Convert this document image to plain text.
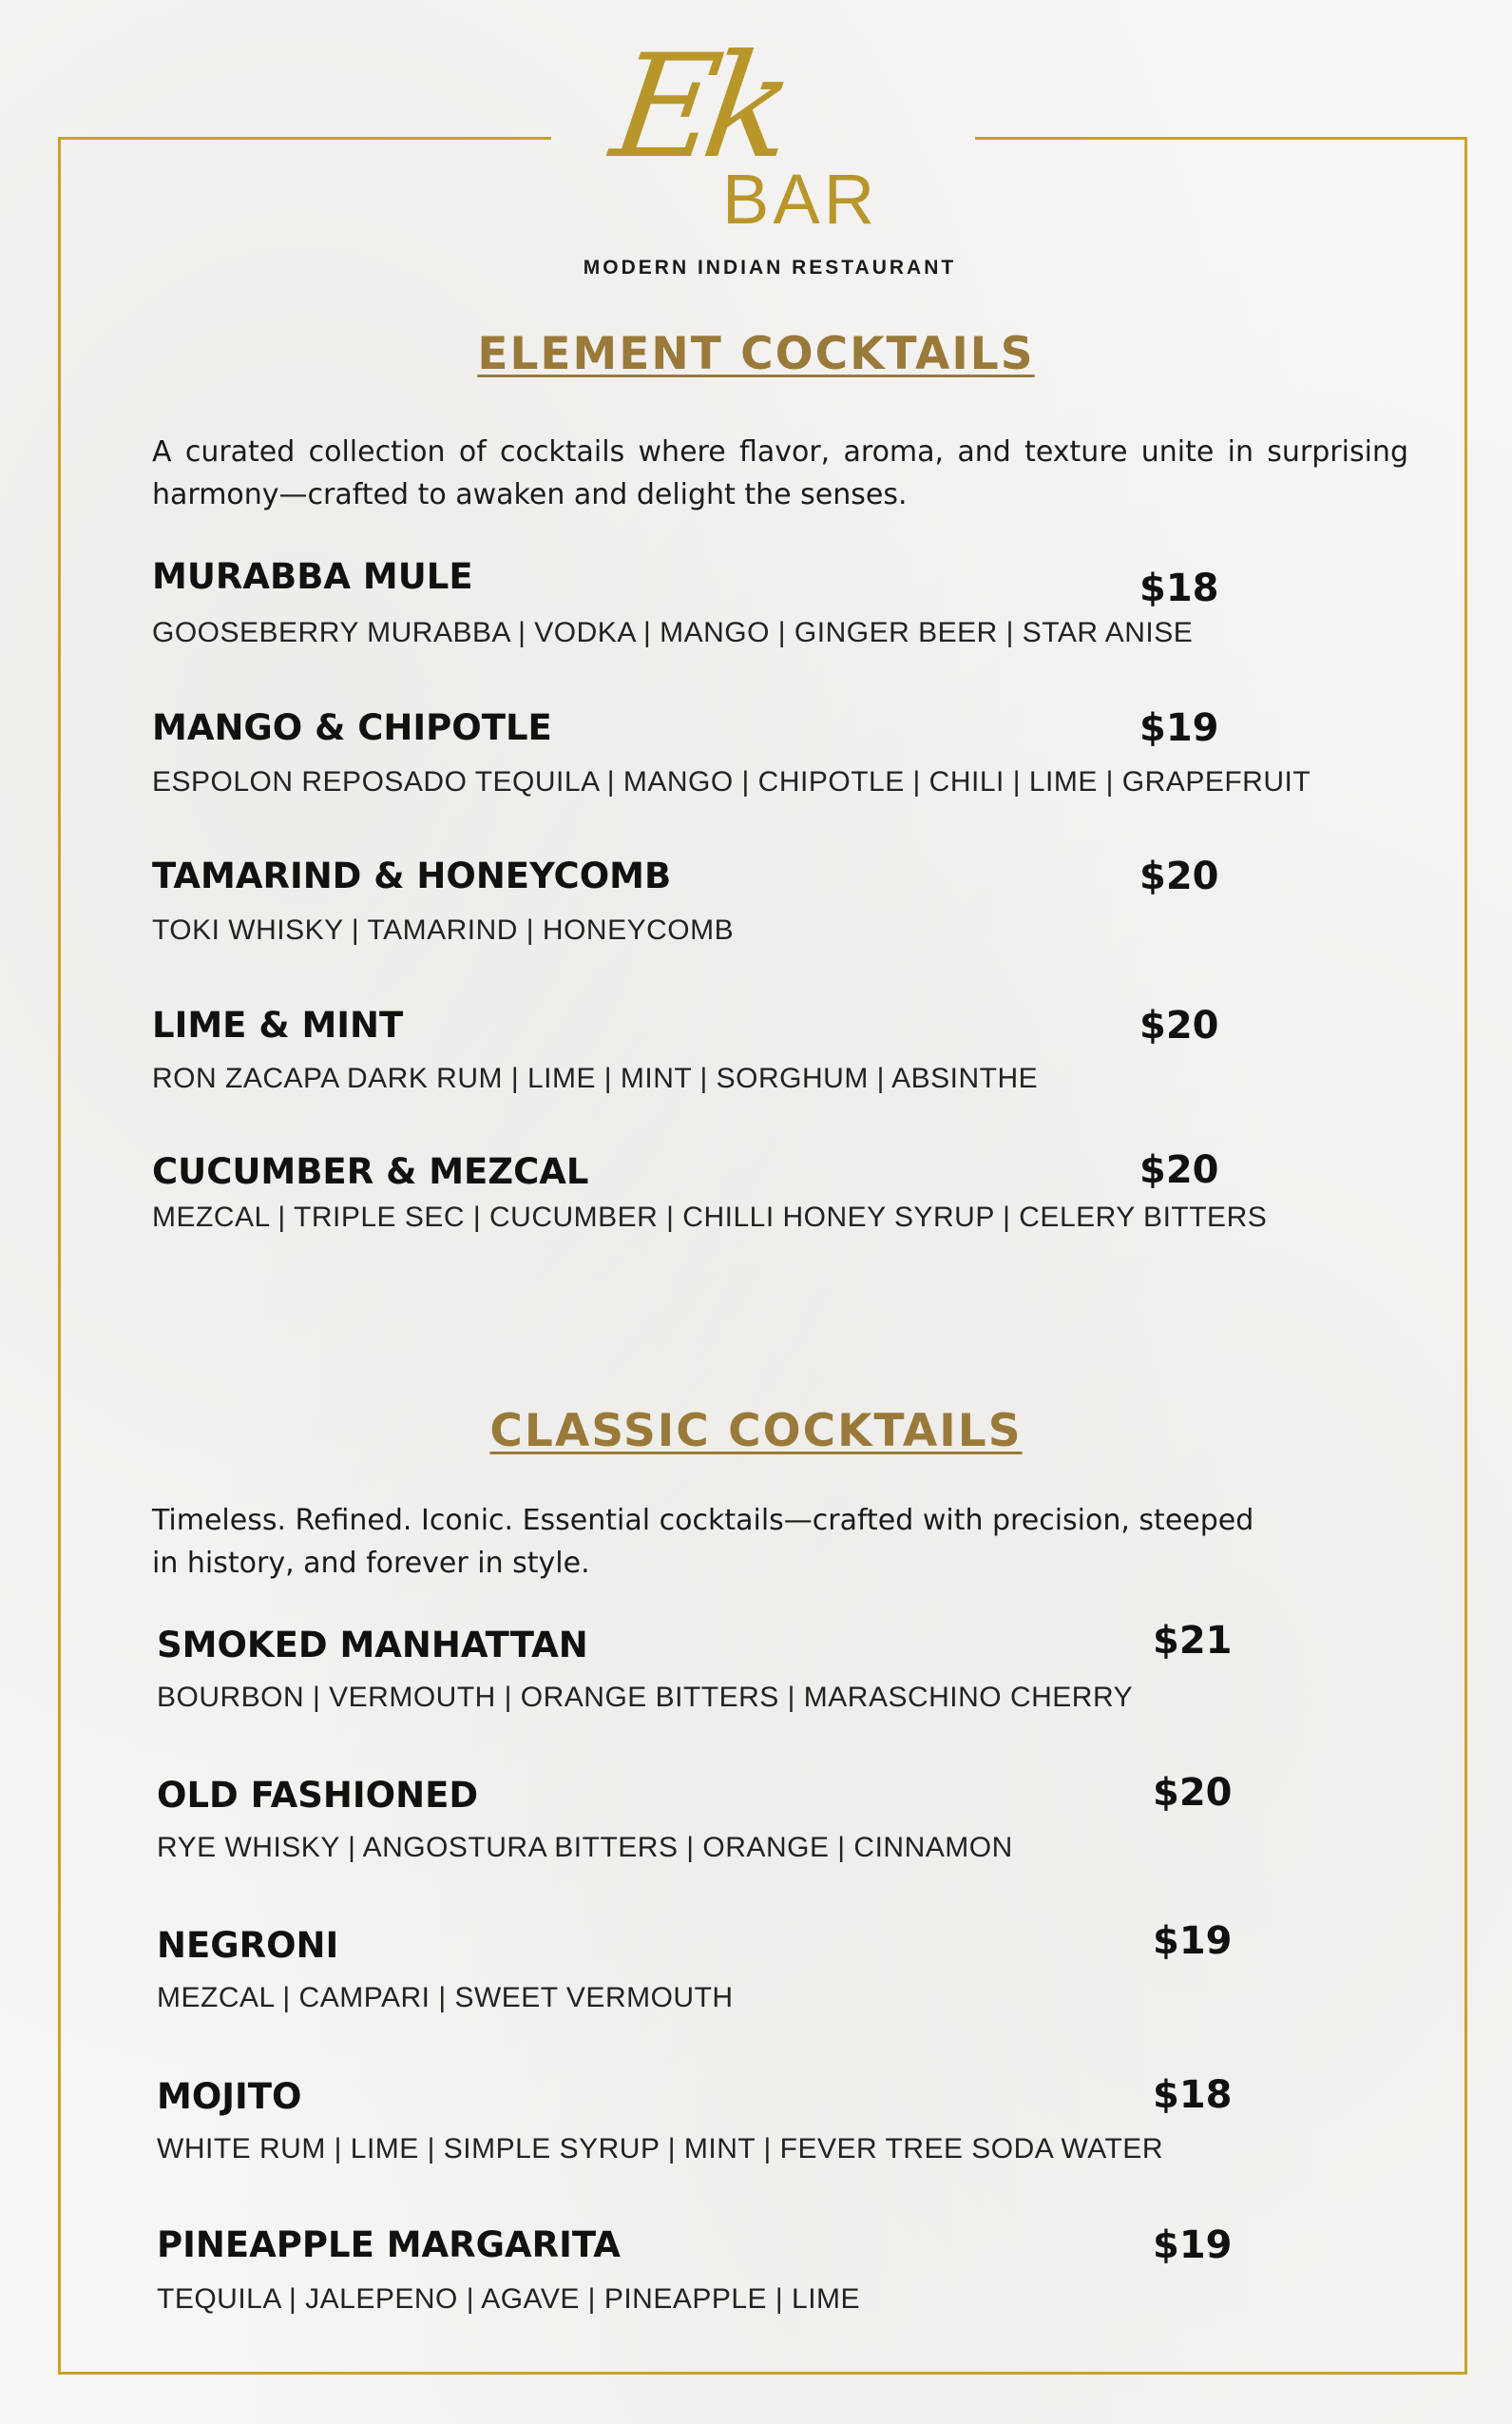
Ek
BAR
MODERN INDIAN RESTAURANT
ELEMENT COCKTAILS
A curated collection of cocktails where flavor, aroma, and texture unite in surprising harmony—crafted to awaken and delight the senses.
MURABBA MULE	$18
GOOSEBERRY MURABBA | VODKA | MANGO | GINGER BEER | STAR ANISE
MANGO & CHIPOTLE	$19
ESPOLON REPOSADO TEQUILA | MANGO | CHIPOTLE | CHILI | LIME | GRAPEFRUIT
TAMARIND & HONEYCOMB	$20
TOKI WHISKY | TAMARIND | HONEYCOMB
LIME & MINT	$20
RON ZACAPA DARK RUM | LIME | MINT | SORGHUM | ABSINTHE
CUCUMBER & MEZCAL	$20
MEZCAL | TRIPLE SEC | CUCUMBER | CHILLI HONEY SYRUP | CELERY BITTERS
CLASSIC COCKTAILS
Timeless. Refined. Iconic. Essential cocktails—crafted with precision, steeped in history, and forever in style.
SMOKED MANHATTAN	$21
BOURBON | VERMOUTH | ORANGE BITTERS | MARASCHINO CHERRY
OLD FASHIONED	$20
RYE WHISKY | ANGOSTURA BITTERS | ORANGE | CINNAMON
NEGRONI	$19
MEZCAL | CAMPARI | SWEET VERMOUTH
MOJITO	$18
WHITE RUM | LIME | SIMPLE SYRUP | MINT | FEVER TREE SODA WATER
PINEAPPLE MARGARITA	$19
TEQUILA | JALEPENO | AGAVE | PINEAPPLE | LIME
